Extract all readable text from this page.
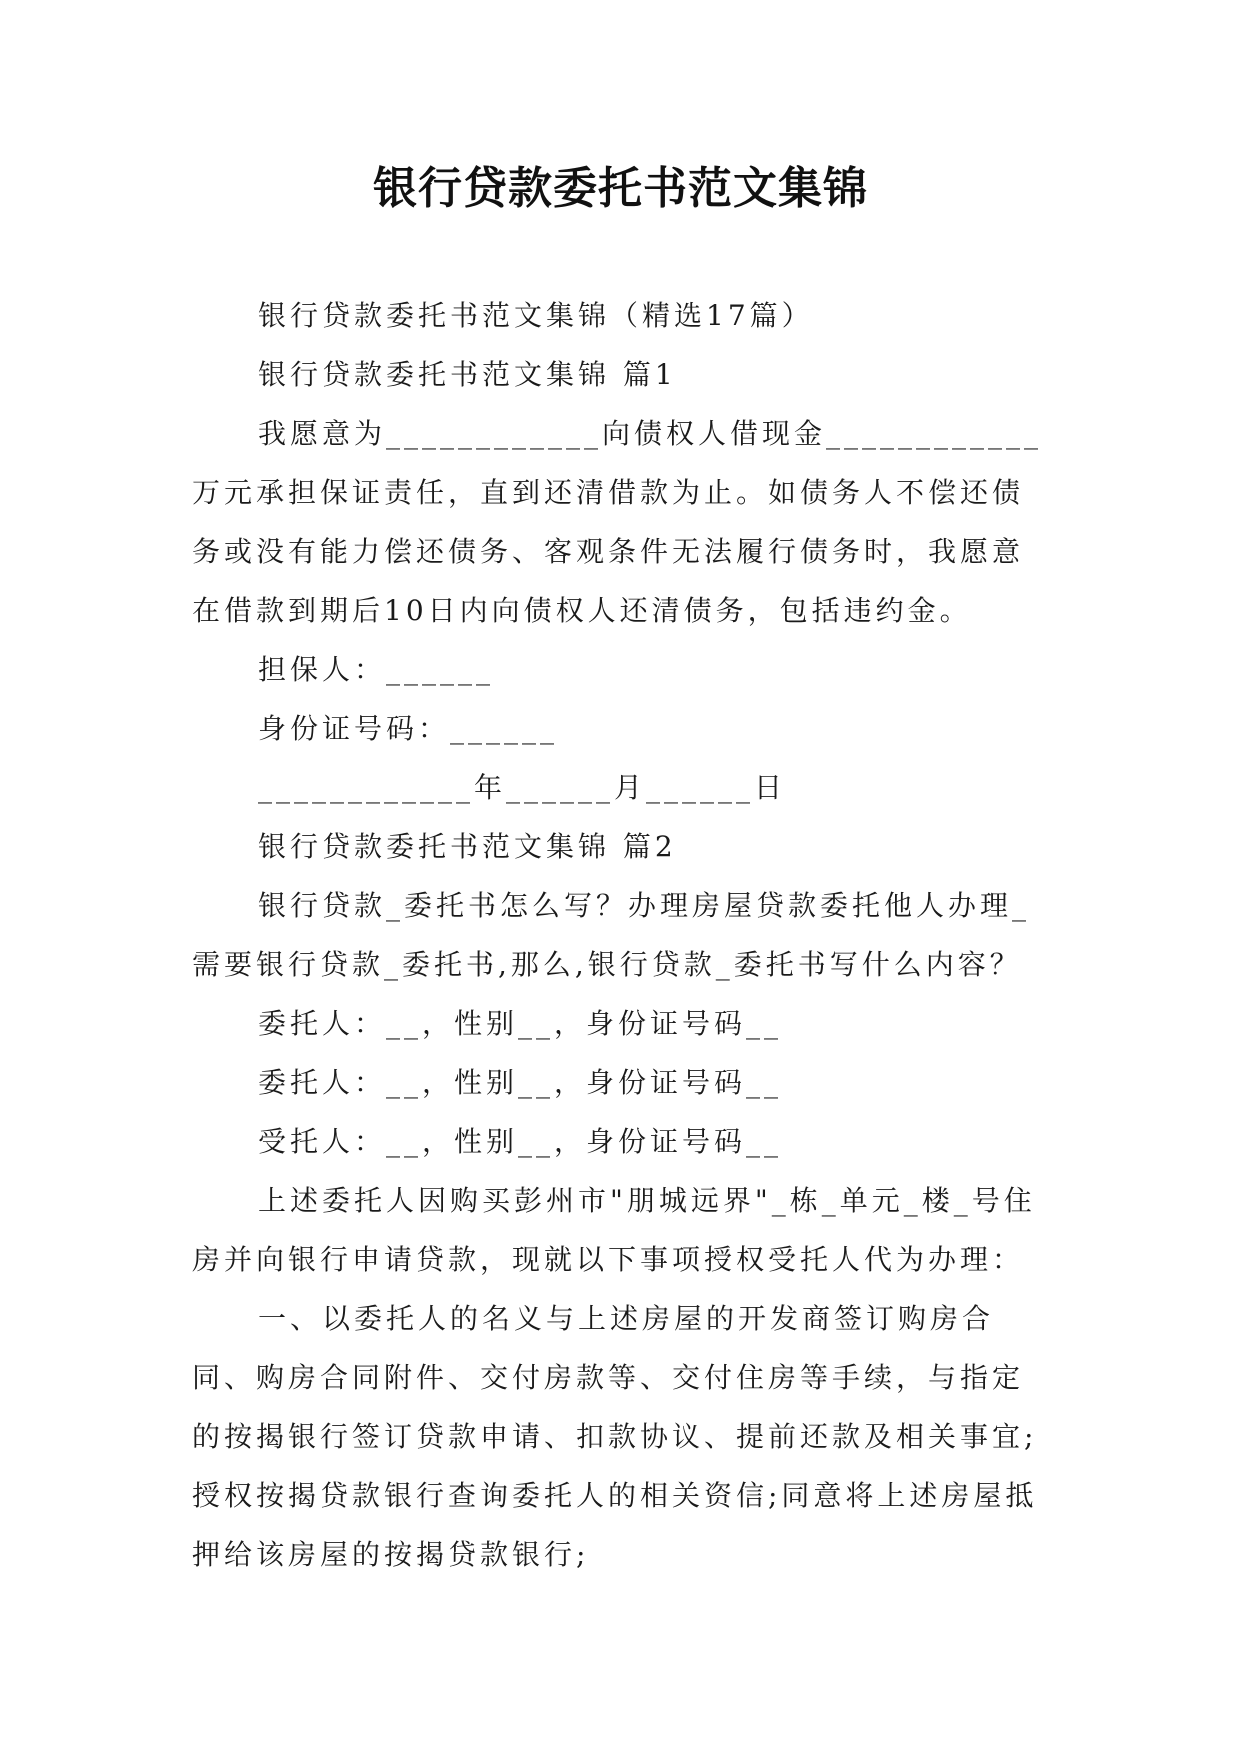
银行贷款委托书范文集锦

银行贷款委托书范文集锦（精选17篇）

银行贷款委托书范文集锦 篇1

我愿意为____________向债权人借现金____________万元承担保证责任，直到还清借款为止。如债务人不偿还债务或没有能力偿还债务、客观条件无法履行债务时，我愿意在借款到期后10日内向债权人还清债务，包括违约金。

担保人：______

身份证号码：______

____________年______月______日

银行贷款委托书范文集锦 篇2

银行贷款_委托书怎么写？办理房屋贷款委托他人办理_需要银行贷款_委托书,那么,银行贷款_委托书写什么内容？

委托人：__，性别__，身份证号码__

委托人：__，性别__，身份证号码__

受托人：__，性别__，身份证号码__

上述委托人因购买彭州市"朋城远界"_栋_单元_楼_号住房并向银行申请贷款，现就以下事项授权受托人代为办理：

一、以委托人的名义与上述房屋的开发商签订购房合同、购房合同附件、交付房款等、交付住房等手续，与指定的按揭银行签订贷款申请、扣款协议、提前还款及相关事宜;授权按揭贷款银行查询委托人的相关资信;同意将上述房屋抵押给该房屋的按揭贷款银行;
